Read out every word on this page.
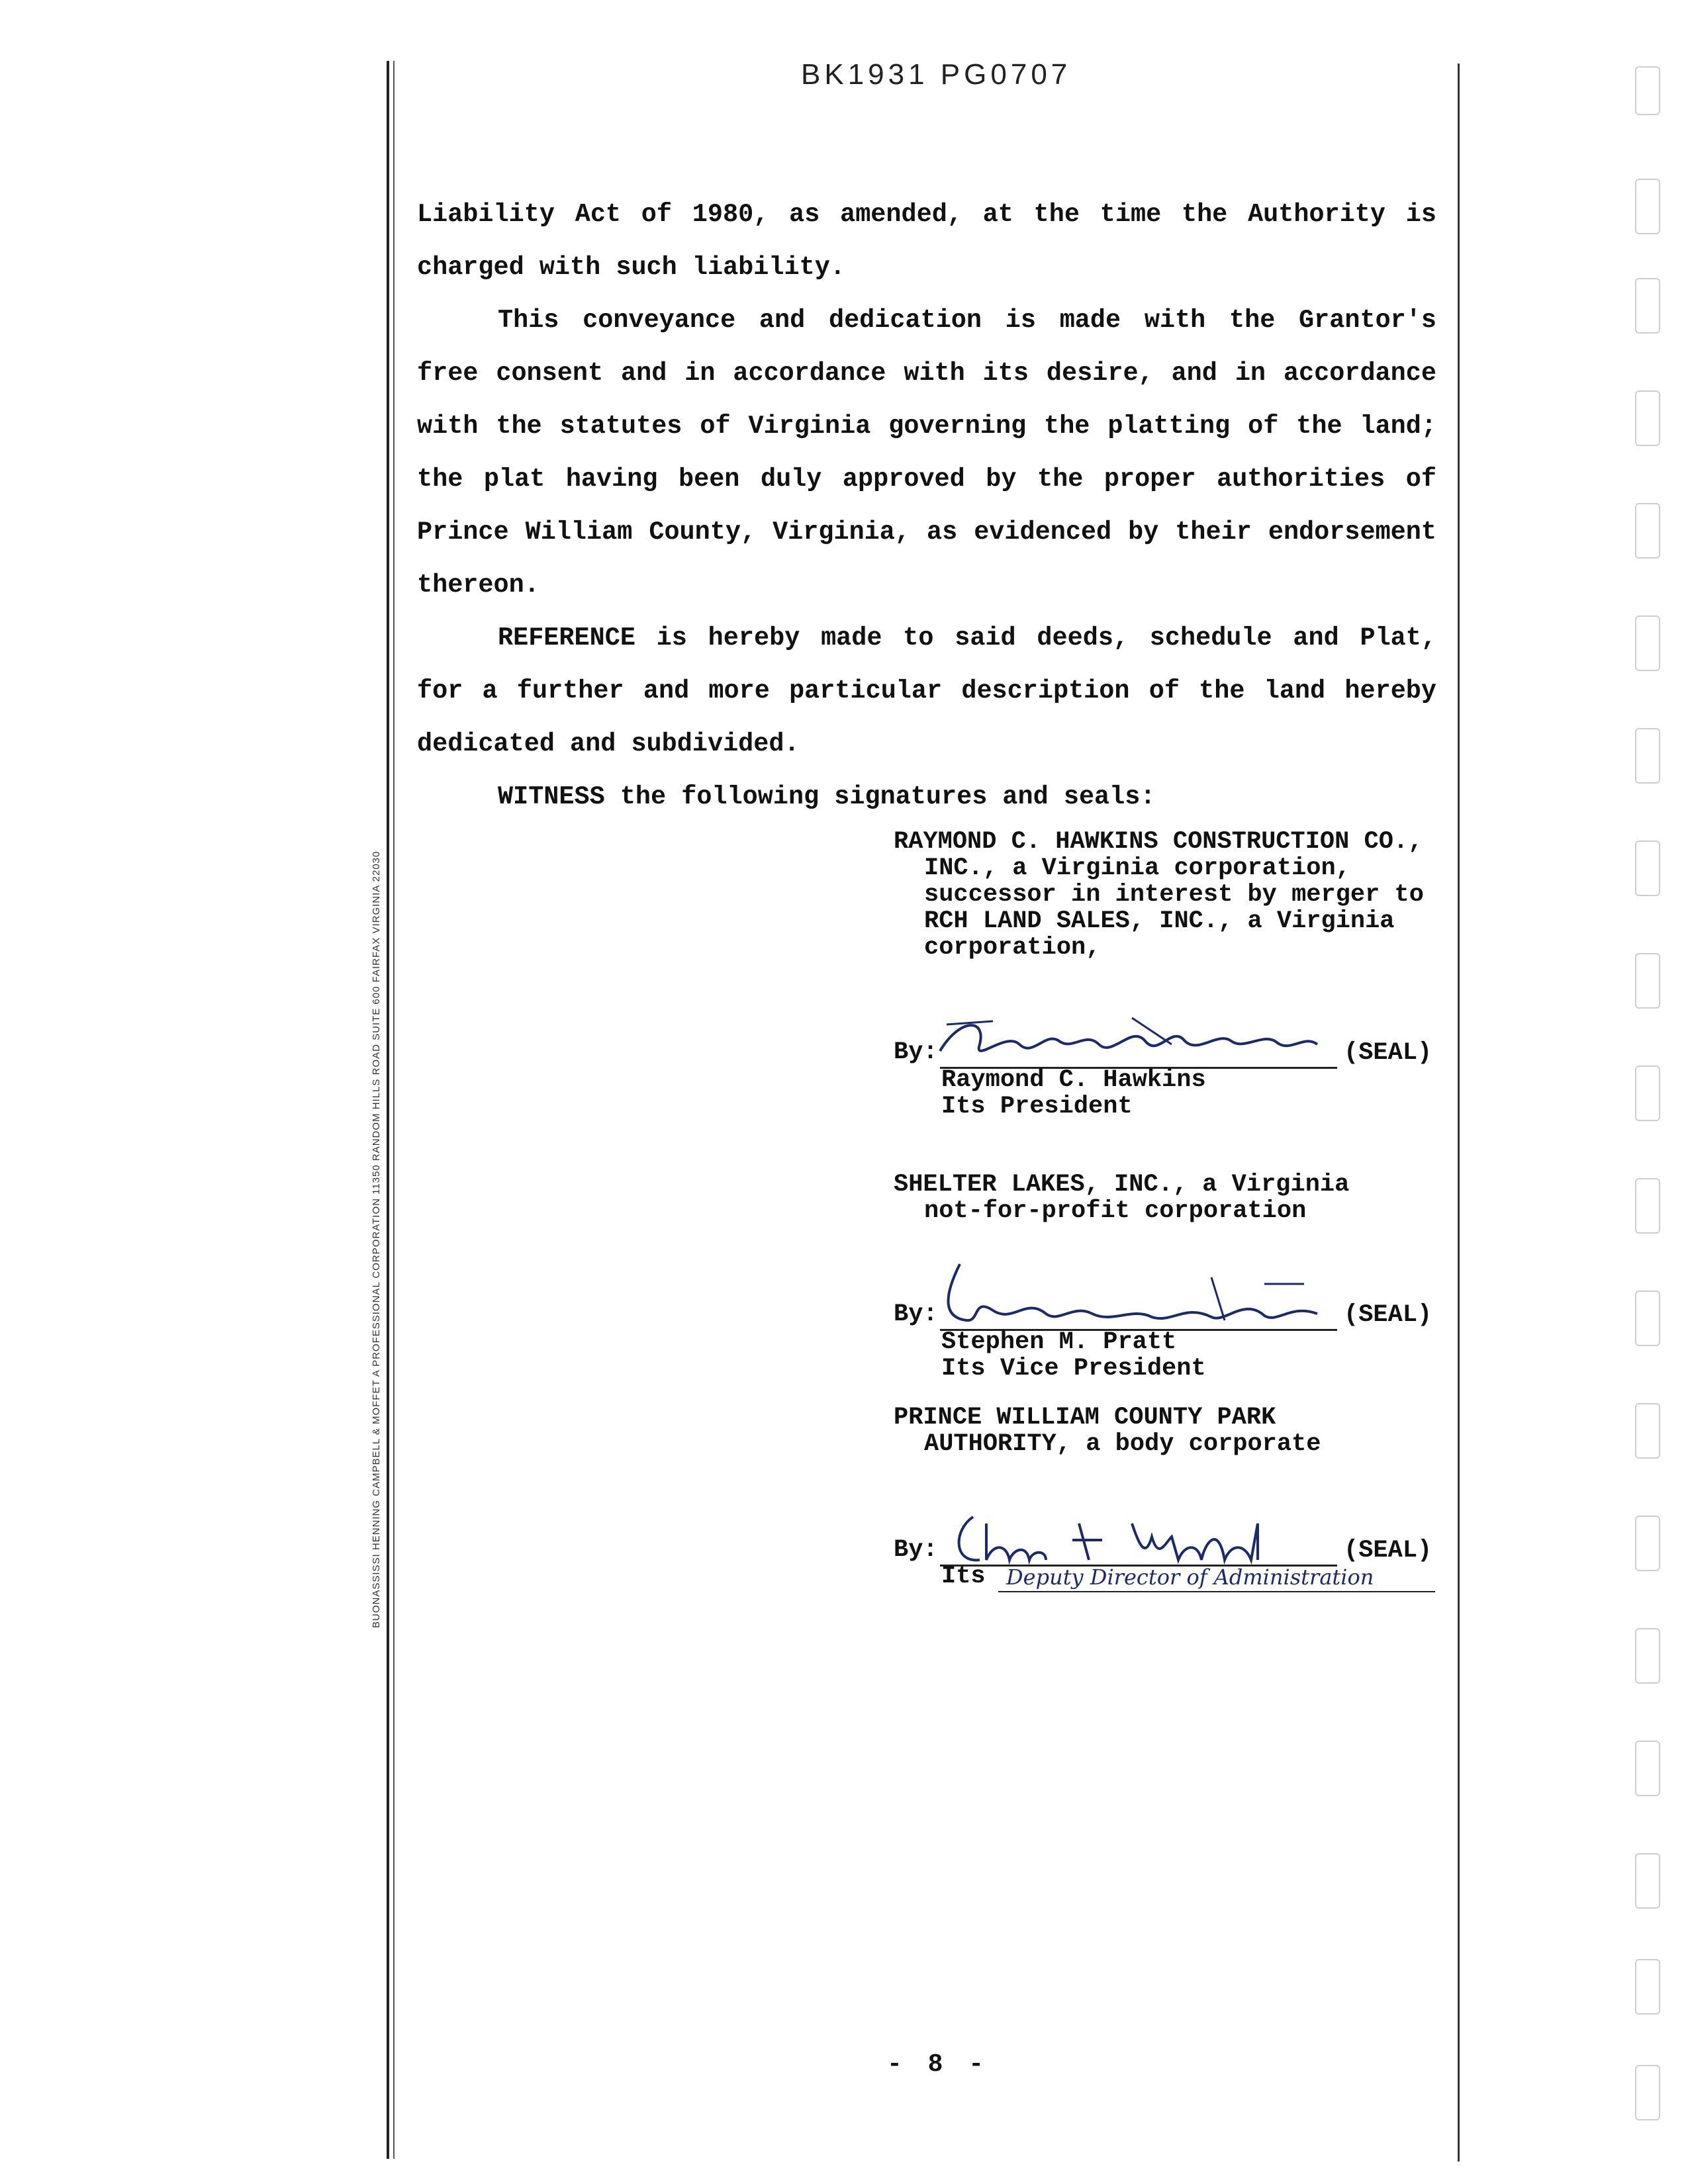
BUONASSISSI HENNING CAMPBELL & MOFFET A PROFESSIONAL CORPORATION 11350 RANDOM HILLS ROAD SUITE 600 FAIRFAX VIRGINIA 22030
BK1931 PG0707
Liability Act of 1980, as amended, at the time the Authority is
charged with such liability.
This conveyance and dedication is made with the Grantor's
free consent and in accordance with its desire, and in accordance
with the statutes of Virginia governing the platting of the land;
the plat having been duly approved by the proper authorities of
Prince William County, Virginia, as evidenced by their endorsement
thereon.
REFERENCE is hereby made to said deeds, schedule and Plat,
for a further and more particular description of the land hereby
dedicated and subdivided.
WITNESS the following signatures and seals:
RAYMOND C. HAWKINS CONSTRUCTION CO.,
INC., a Virginia corporation,
successor in interest by merger to
RCH LAND SALES, INC., a Virginia
corporation,
By:	(SEAL)
Raymond C. Hawkins
Its President
SHELTER LAKES, INC., a Virginia
not-for-profit corporation
By:	(SEAL)
Stephen M. Pratt
Its Vice President
PRINCE WILLIAM COUNTY PARK
AUTHORITY, a body corporate
By:	(SEAL)
Its Deputy Director of Administration
- 8 -
